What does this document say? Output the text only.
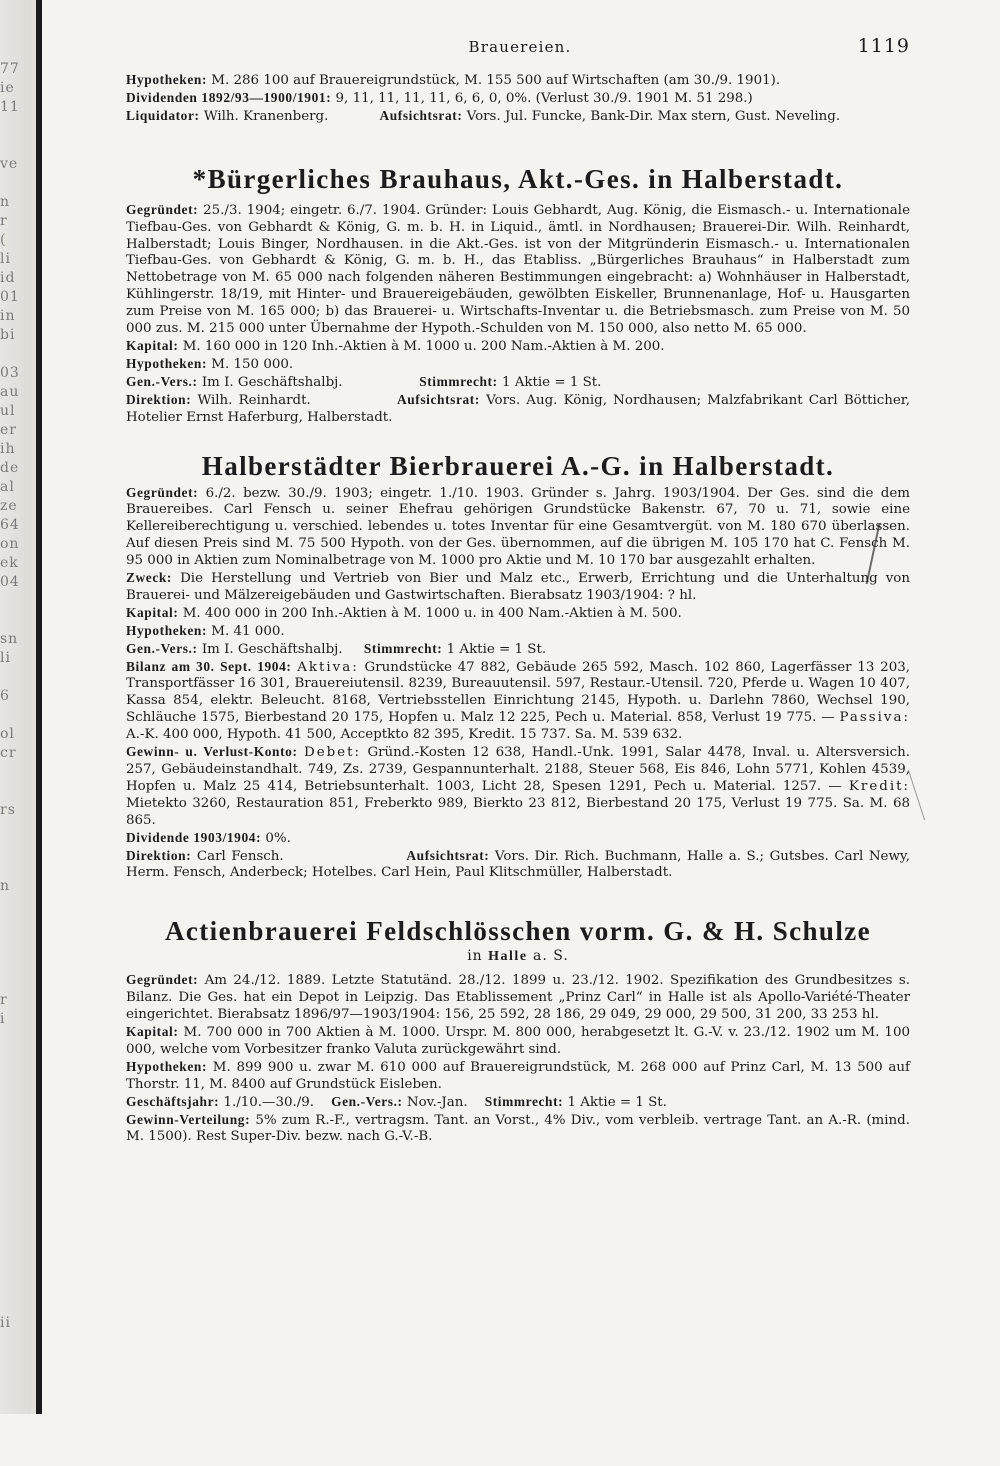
77
ie
11
ve
n
r
(
li
id
01
in
bi
03
au
ul
er
ih
de
al
ze
64
on
ek
04
sn
li
6
ol
cr
rs
n
r
i
ii
Brauereien.	1119

Hypotheken: M. 286 100 auf Brauereigrundstück, M. 155 500 auf Wirtschaften (am 30./9. 1901).

Dividenden 1892/93—1900/1901: 9, 11, 11, 11, 11, 6, 6, 0, 0%. (Verlust 30./9. 1901 M. 51 298.)

Liquidator: Wilh. Kranenberg.	Aufsichtsrat: Vors. Jul. Funcke, Bank-Dir. Max stern, Gust. Neveling.

*Bürgerliches Brauhaus, Akt.-Ges. in Halberstadt.

Gegründet: 25./3. 1904; eingetr. 6./7. 1904. Gründer: Louis Gebhardt, Aug. König, die Eismasch.- u. Internationale Tiefbau-Ges. von Gebhardt & König, G. m. b. H. in Liquid., ämtl. in Nordhausen; Brauerei-Dir. Wilh. Reinhardt, Halberstadt; Louis Binger, Nordhausen. in die Akt.-Ges. ist von der Mitgründerin Eismasch.- u. Internationalen Tiefbau-Ges. von Gebhardt & König, G. m. b. H., das Etabliss. „Bürgerliches Brauhaus“ in Halberstadt zum Nettobetrage von M. 65 000 nach folgenden näheren Bestimmungen eingebracht: a) Wohnhäuser in Halberstadt, Kühlingerstr. 18/19, mit Hinter- und Brauereigebäuden, gewölbten Eiskeller, Brunnenanlage, Hof- u. Hausgarten zum Preise von M. 165 000; b) das Brauerei- u. Wirtschafts-Inventar u. die Betriebsmasch. zum Preise von M. 50 000 zus. M. 215 000 unter Übernahme der Hypoth.-Schulden von M. 150 000, also netto M. 65 000.

Kapital: M. 160 000 in 120 Inh.-Aktien à M. 1000 u. 200 Nam.-Aktien à M. 200.

Hypotheken: M. 150 000.

Gen.-Vers.: Im I. Geschäftshalbj.	Stimmrecht: 1 Aktie = 1 St.

Direktion: Wilh. Reinhardt.	Aufsichtsrat: Vors. Aug. König, Nordhausen; Malzfabrikant Carl Bötticher, Hotelier Ernst Haferburg, Halberstadt.

Halberstädter Bierbrauerei A.-G. in Halberstadt.

Gegründet: 6./2. bezw. 30./9. 1903; eingetr. 1./10. 1903. Gründer s. Jahrg. 1903/1904. Der Ges. sind die dem Brauereibes. Carl Fensch u. seiner Ehefrau gehörigen Grundstücke Bakenstr. 67, 70 u. 71, sowie eine Kellereiberechtigung u. verschied. lebendes u. totes Inventar für eine Gesamtvergüt. von M. 180 670 überlassen. Auf diesen Preis sind M. 75 500 Hypoth. von der Ges. übernommen, auf die übrigen M. 105 170 hat C. Fensch M. 95 000 in Aktien zum Nominalbetrage von M. 1000 pro Aktie und M. 10 170 bar ausgezahlt erhalten.

Zweck: Die Herstellung und Vertrieb von Bier und Malz etc., Erwerb, Errichtung und die Unterhaltung von Brauerei- und Mälzereigebäuden und Gastwirtschaften. Bierabsatz 1903/1904: ? hl.

Kapital: M. 400 000 in 200 Inh.-Aktien à M. 1000 u. in 400 Nam.-Aktien à M. 500.

Hypotheken: M. 41 000.

Gen.-Vers.: Im I. Geschäftshalbj. Stimmrecht: 1 Aktie = 1 St.

Bilanz am 30. Sept. 1904: Aktiva: Grundstücke 47 882, Gebäude 265 592, Masch. 102 860, Lagerfässer 13 203, Transportfässer 16 301, Brauereiutensil. 8239, Bureauutensil. 597, Restaur.-Utensil. 720, Pferde u. Wagen 10 407, Kassa 854, elektr. Beleucht. 8168, Vertriebsstellen Einrichtung 2145, Hypoth. u. Darlehn 7860, Wechsel 190, Schläuche 1575, Bierbestand 20 175, Hopfen u. Malz 12 225, Pech u. Material. 858, Verlust 19 775. — Passiva: A.-K. 400 000, Hypoth. 41 500, Acceptkto 82 395, Kredit. 15 737. Sa. M. 539 632.

Gewinn- u. Verlust-Konto: Debet: Gründ.-Kosten 12 638, Handl.-Unk. 1991, Salar 4478, Inval. u. Altersversich. 257, Gebäudeinstandhalt. 749, Zs. 2739, Gespannunterhalt. 2188, Steuer 568, Eis 846, Lohn 5771, Kohlen 4539, Hopfen u. Malz 25 414, Betriebsunterhalt. 1003, Licht 28, Spesen 1291, Pech u. Material. 1257. — Kredit: Mietekto 3260, Restauration 851, Freberkto 989, Bierkto 23 812, Bierbestand 20 175, Verlust 19 775. Sa. M. 68 865.

Dividende 1903/1904: 0%.

Direktion: Carl Fensch.	Aufsichtsrat: Vors. Dir. Rich. Buchmann, Halle a. S.; Gutsbes. Carl Newy, Herm. Fensch, Anderbeck; Hotelbes. Carl Hein, Paul Klitschmüller, Halberstadt.

Actienbrauerei Feldschlösschen vorm. G. & H. Schulze

in Halle a. S.

Gegründet: Am 24./12. 1889. Letzte Statutänd. 28./12. 1899 u. 23./12. 1902. Spezifikation des Grundbesitzes s. Bilanz. Die Ges. hat ein Depot in Leipzig. Das Etablissement „Prinz Carl“ in Halle ist als Apollo-Variété-Theater eingerichtet. Bierabsatz 1896/97—1903/1904: 156, 25 592, 28 186, 29 049, 29 000, 29 500, 31 200, 33 253 hl.

Kapital: M. 700 000 in 700 Aktien à M. 1000. Urspr. M. 800 000, herabgesetzt lt. G.-V. v. 23./12. 1902 um M. 100 000, welche vom Vorbesitzer franko Valuta zurückgewährt sind.

Hypotheken: M. 899 900 u. zwar M. 610 000 auf Brauereigrundstück, M. 268 000 auf Prinz Carl, M. 13 500 auf Thorstr. 11, M. 8400 auf Grundstück Eisleben.

Geschäftsjahr: 1./10.—30./9. Gen.-Vers.: Nov.-Jan. Stimmrecht: 1 Aktie = 1 St.

Gewinn-Verteilung: 5% zum R.-F., vertragsm. Tant. an Vorst., 4% Div., vom verbleib. vertrage Tant. an A.-R. (mind. M. 1500). Rest Super-Div. bezw. nach G.-V.-B.
